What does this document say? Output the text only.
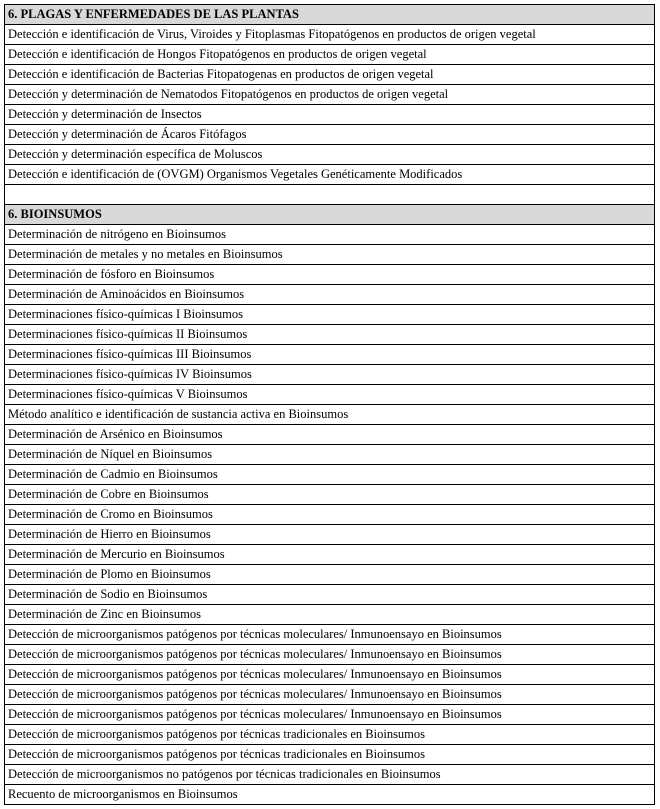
6. PLAGAS Y ENFERMEDADES DE LAS PLANTAS
Detección e identificación de Virus, Viroides y Fitoplasmas Fitopatógenos en productos de origen vegetal
Detección e identificación de Hongos Fitopatógenos en productos de origen vegetal
Detección e identificación de Bacterias Fitopatogenas en productos de origen vegetal
Detección y determinación de Nematodos Fitopatógenos en productos de origen vegetal
Detección y determinación de Insectos
Detección y determinación de Ácaros Fitófagos
Detección y determinación específica de Moluscos
Detección e identificación de (OVGM) Organismos Vegetales Genéticamente Modificados

6. BIOINSUMOS
Determinación de nitrógeno en Bioinsumos
Determinación de metales y no metales en Bioinsumos
Determinación de fósforo en Bioinsumos
Determinación de Aminoácidos en Bioinsumos
Determinaciones físico-químicas I Bioinsumos
Determinaciones físico-químicas II Bioinsumos
Determinaciones físico-químicas III Bioinsumos
Determinaciones físico-químicas IV Bioinsumos
Determinaciones físico-químicas V Bioinsumos
Método analítico e identificación de sustancia activa en Bioinsumos
Determinación de Arsénico en Bioinsumos
Determinación de Níquel en Bioinsumos
Determinación de Cadmio en Bioinsumos
Determinación de Cobre en Bioinsumos
Determinación de Cromo en Bioinsumos
Determinación de Hierro en Bioinsumos
Determinación de Mercurio en Bioinsumos
Determinación de Plomo en Bioinsumos
Determinación de Sodio en Bioinsumos
Determinación de Zinc en Bioinsumos
Detección de microorganismos patógenos por técnicas moleculares/ Inmunoensayo en Bioinsumos
Detección de microorganismos patógenos por técnicas moleculares/ Inmunoensayo en Bioinsumos
Detección de microorganismos patógenos por técnicas moleculares/ Inmunoensayo en Bioinsumos
Detección de microorganismos patógenos por técnicas moleculares/ Inmunoensayo en Bioinsumos
Detección de microorganismos patógenos por técnicas moleculares/ Inmunoensayo en Bioinsumos
Detección de microorganismos patógenos por técnicas tradicionales en Bioinsumos
Detección de microorganismos patógenos por técnicas tradicionales en Bioinsumos
Detección de microorganismos no patógenos por técnicas tradicionales en Bioinsumos
Recuento de microorganismos en Bioinsumos
